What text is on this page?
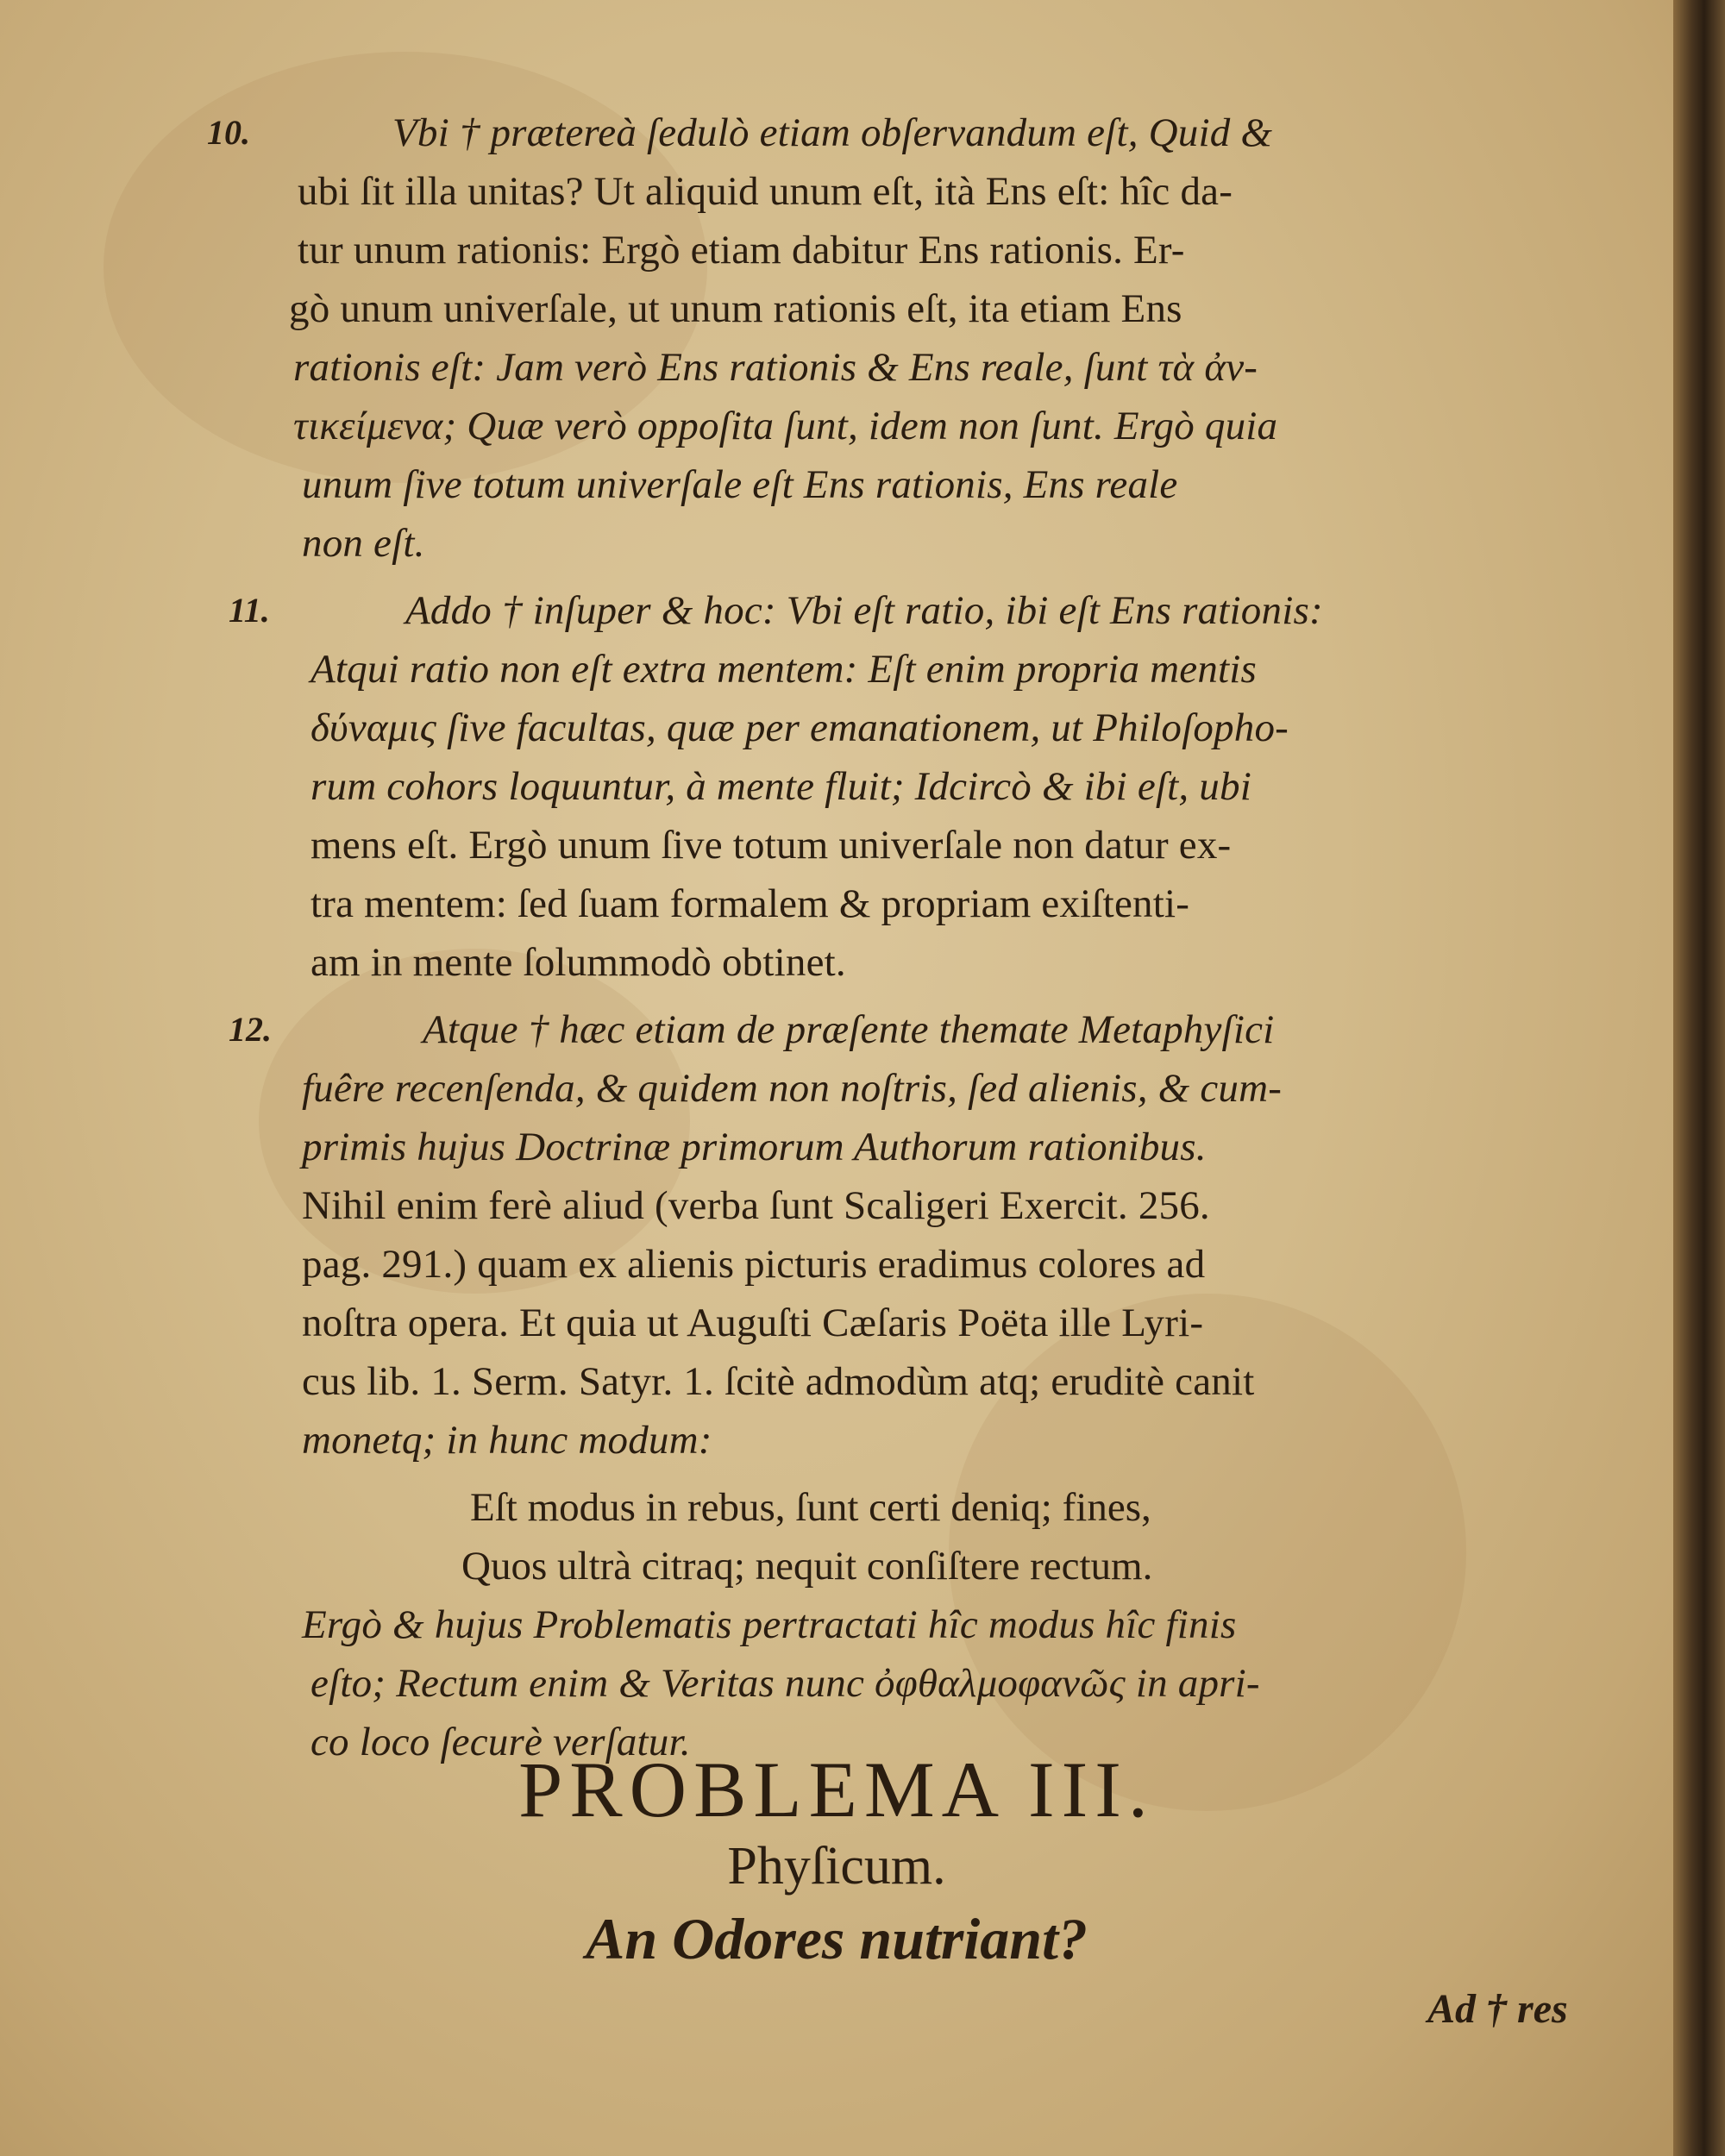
10.	Vbi † prætereà ſedulò etiam obſervandum eſt, Quid &
ubi ſit illa unitas? Ut aliquid unum eſt, ità Ens eſt: hîc da-
tur unum rationis: Ergò etiam dabitur Ens rationis. Er-
gò unum univerſale, ut unum rationis eſt, ita etiam Ens
rationis eſt: Jam verò Ens rationis & Ens reale, ſunt τὰ ἀν-
τικείμενα; Quæ verò oppoſita ſunt, idem non ſunt. Ergò quia
unum ſive totum univerſale eſt Ens rationis, Ens reale
non eſt.
11.	Addo † inſuper & hoc: Vbi eſt ratio, ibi eſt Ens rationis:
Atqui ratio non eſt extra mentem: Eſt enim propria mentis
δύναμις ſive facultas, quæ per emanationem, ut Philoſopho-
rum cohors loquuntur, à mente fluit; Idcircò & ibi eſt, ubi
mens eſt. Ergò unum ſive totum univerſale non datur ex-
tra mentem: ſed ſuam formalem & propriam exiſtenti-
am in mente ſolummodò obtinet.
12.	Atque † hæc etiam de præſente themate Metaphyſici
fuêre recenſenda, & quidem non noſtris, ſed alienis, & cum-
primis hujus Doctrinæ primorum Authorum rationibus.
Nihil enim ferè aliud (verba ſunt Scaligeri Exercit. 256.
pag. 291.) quam ex alienis picturis eradimus colores ad
noſtra opera. Et quia ut Auguſti Cæſaris Poëta ille Lyri-
cus lib. 1. Serm. Satyr. 1. ſcitè admodùm atq; eruditè canit
monetq; in hunc modum:
Eſt modus in rebus, ſunt certi deniq; fines,
Quos ultrà citraq; nequit conſiſtere rectum.
Ergò & hujus Problematis pertractati hîc modus hîc finis
eſto; Rectum enim & Veritas nunc ὀφθαλμοφανῶς in apri-
co loco ſecurè verſatur.
PROBLEMA III.
Phyſicum.
An Odores nutriant?
Ad † res
